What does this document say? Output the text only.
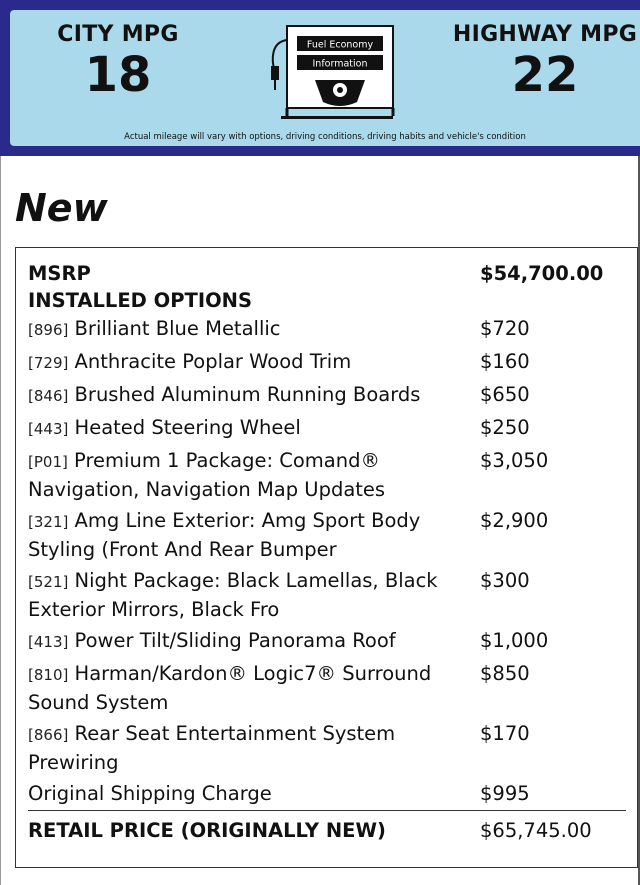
CITY MPG
18
Fuel Economy
Information
HIGHWAY MPG
22
Actual mileage will vary with options, driving conditions, driving habits and vehicle's condition
New
MSRP	$54,700.00
INSTALLED OPTIONS	
[896] Brilliant Blue Metallic	$720
[729] Anthracite Poplar Wood Trim	$160
[846] Brushed Aluminum Running Boards	$650
[443] Heated Steering Wheel	$250
[P01] Premium 1 Package: Comand® Navigation, Navigation Map Updates	$3,050
[321] Amg Line Exterior: Amg Sport Body Styling (Front And Rear Bumper	$2,900
[521] Night Package: Black Lamellas, Black Exterior Mirrors, Black Fro	$300
[413] Power Tilt/Sliding Panorama Roof	$1,000
[810] Harman/Kardon® Logic7® Surround Sound System	$850
[866] Rear Seat Entertainment System Prewiring	$170
Original Shipping Charge	$995
RETAIL PRICE (ORIGINALLY NEW)	$65,745.00
